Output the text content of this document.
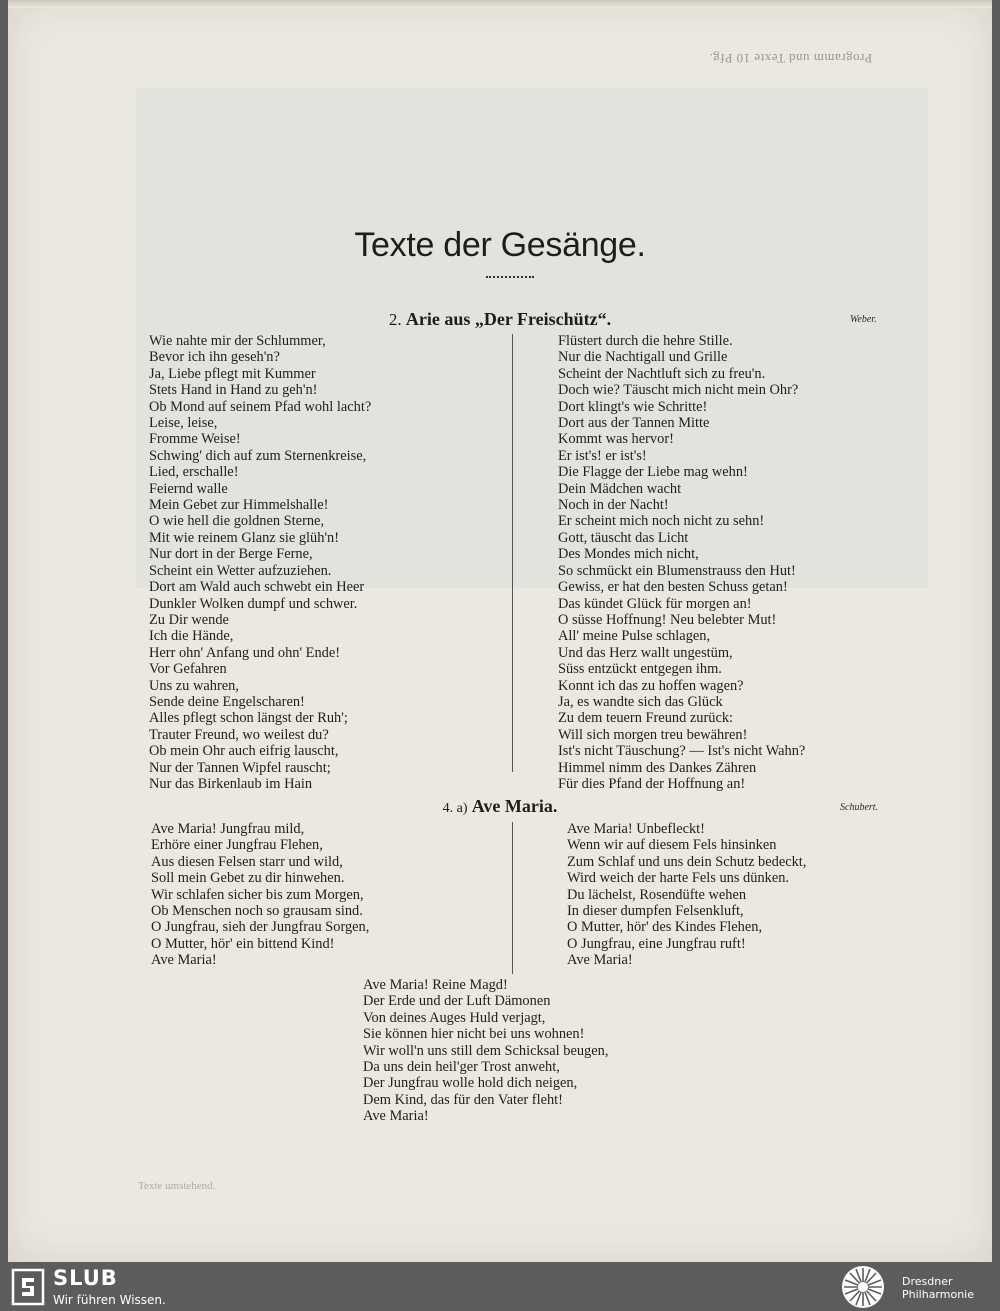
Programm und Texte 10 Pfg.
Texte der Gesänge.
2. Arie aus „Der Freischütz“.	Weber.
Wie nahte mir der Schlummer,
Bevor ich ihn geseh'n?
Ja, Liebe pflegt mit Kummer
Stets Hand in Hand zu geh'n!
Ob Mond auf seinem Pfad wohl lacht?
Leise, leise,
Fromme Weise!
Schwing' dich auf zum Sternenkreise,
Lied, erschalle!
Feiernd walle
Mein Gebet zur Himmelshalle!
O wie hell die goldnen Sterne,
Mit wie reinem Glanz sie glüh'n!
Nur dort in der Berge Ferne,
Scheint ein Wetter aufzuziehen.
Dort am Wald auch schwebt ein Heer
Dunkler Wolken dumpf und schwer.
Zu Dir wende
Ich die Hände,
Herr ohn' Anfang und ohn' Ende!
Vor Gefahren
Uns zu wahren,
Sende deine Engelscharen!
Alles pflegt schon längst der Ruh';
Trauter Freund, wo weilest du?
Ob mein Ohr auch eifrig lauscht,
Nur der Tannen Wipfel rauscht;
Nur das Birkenlaub im Hain
Flüstert durch die hehre Stille.
Nur die Nachtigall und Grille
Scheint der Nachtluft sich zu freu'n.
Doch wie? Täuscht mich nicht mein Ohr?
Dort klingt's wie Schritte!
Dort aus der Tannen Mitte
Kommt was hervor!
Er ist's! er ist's!
Die Flagge der Liebe mag wehn!
Dein Mädchen wacht
Noch in der Nacht!
Er scheint mich noch nicht zu sehn!
Gott, täuscht das Licht
Des Mondes mich nicht,
So schmückt ein Blumenstrauss den Hut!
Gewiss, er hat den besten Schuss getan!
Das kündet Glück für morgen an!
O süsse Hoffnung! Neu belebter Mut!
All' meine Pulse schlagen,
Und das Herz wallt ungestüm,
Süss entzückt entgegen ihm.
Konnt ich das zu hoffen wagen?
Ja, es wandte sich das Glück
Zu dem teuern Freund zurück:
Will sich morgen treu bewähren!
Ist's nicht Täuschung? — Ist's nicht Wahn?
Himmel nimm des Dankes Zähren
Für dies Pfand der Hoffnung an!
4. a) Ave Maria.	Schubert.
Ave Maria! Jungfrau mild,
Erhöre einer Jungfrau Flehen,
Aus diesen Felsen starr und wild,
Soll mein Gebet zu dir hinwehen.
Wir schlafen sicher bis zum Morgen,
Ob Menschen noch so grausam sind.
O Jungfrau, sieh der Jungfrau Sorgen,
O Mutter, hör' ein bittend Kind!
Ave Maria!
Ave Maria! Unbefleckt!
Wenn wir auf diesem Fels hinsinken
Zum Schlaf und uns dein Schutz bedeckt,
Wird weich der harte Fels uns dünken.
Du lächelst, Rosendüfte wehen
In dieser dumpfen Felsenkluft,
O Mutter, hör' des Kindes Flehen,
O Jungfrau, eine Jungfrau ruft!
Ave Maria!
Ave Maria! Reine Magd!
Der Erde und der Luft Dämonen
Von deines Auges Huld verjagt,
Sie können hier nicht bei uns wohnen!
Wir woll'n uns still dem Schicksal beugen,
Da uns dein heil'ger Trost anweht,
Der Jungfrau wolle hold dich neigen,
Dem Kind, das für den Vater fleht!
Ave Maria!
Texte umstehend.
SLUB
Wir führen Wissen.
Dresdner
Philharmonie
